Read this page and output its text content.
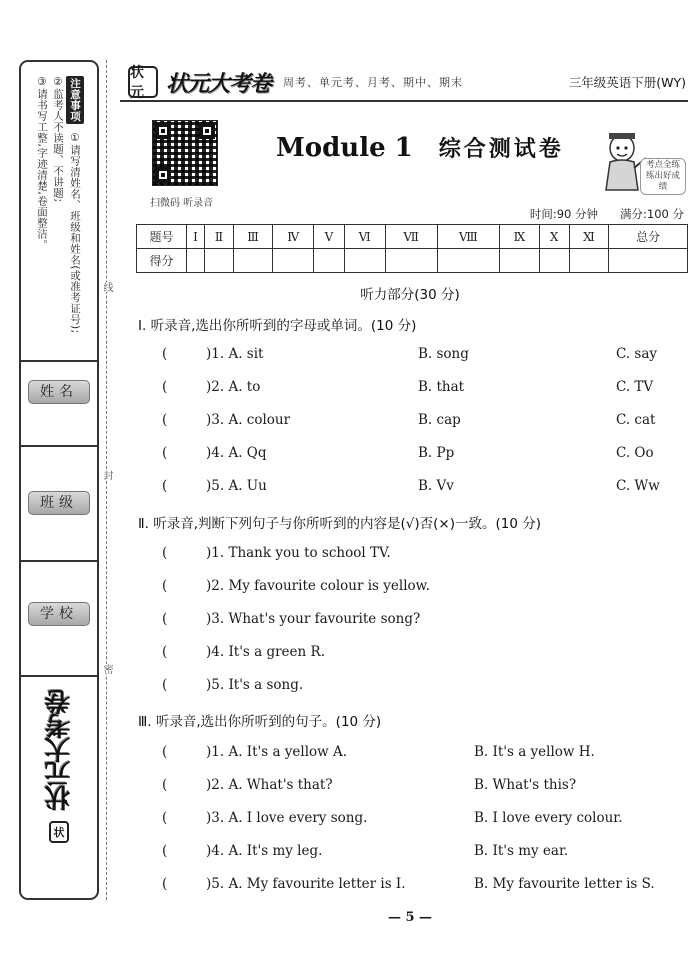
注意事项 ①请写清姓名、班级和姓名(或准考证号);
②监考人不读题、不讲题;
③请书写工整,字迹清楚,卷面整洁。
姓名
班级
学校
状元大考卷
状
线
封
密
状元	状元大考卷 周考、单元考、月考、期中、期末	三年级英语下册(WY)
扫微码 听录音
Module 1 综合测试卷
考点全练 练出好成绩
时间:90 分钟 满分:100 分
题号	Ⅰ	Ⅱ	Ⅲ	Ⅳ	Ⅴ	Ⅵ	Ⅶ	Ⅷ	Ⅸ	Ⅹ	Ⅺ	总分
得分												
听力部分(30 分)
Ⅰ. 听录音,选出你所听到的字母或单词。(10 分)
(	)1. A. sit	B. song	C. say
(	)2. A. to	B. that	C. TV
(	)3. A. colour	B. cap	C. cat
(	)4. A. Qq	B. Pp	C. Oo
(	)5. A. Uu	B. Vv	C. Ww
Ⅱ. 听录音,判断下列句子与你所听到的内容是(√)否(×)一致。(10 分)
(	)1. Thank you to school TV.
(	)2. My favourite colour is yellow.
(	)3. What's your favourite song?
(	)4. It's a green R.
(	)5. It's a song.
Ⅲ. 听录音,选出你所听到的句子。(10 分)
(	)1. A. It's a yellow A.	B. It's a yellow H.
(	)2. A. What's that?	B. What's this?
(	)3. A. I love every song.	B. I love every colour.
(	)4. A. It's my leg.	B. It's my ear.
(	)5. A. My favourite letter is I.	B. My favourite letter is S.
— 5 —
